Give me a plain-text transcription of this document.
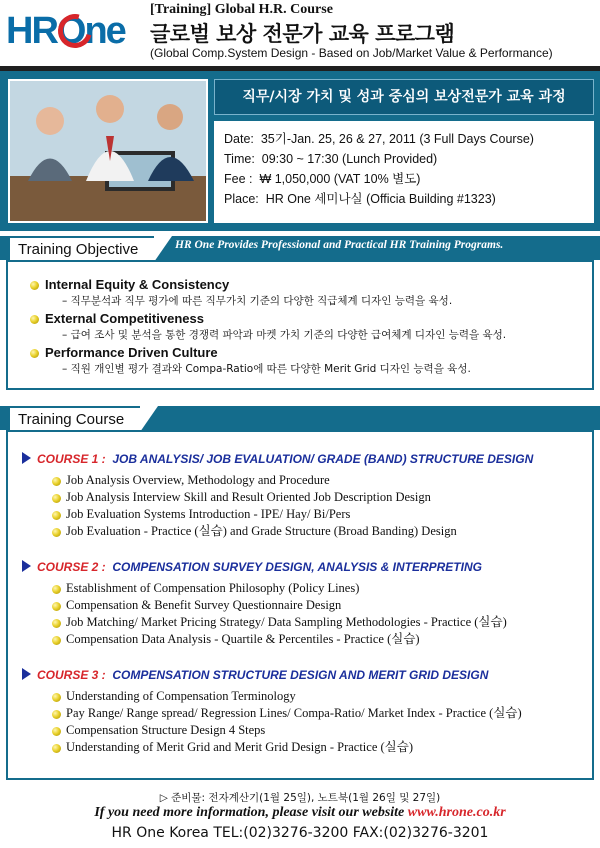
HROne
[Training] Global H.R. Course
글로벌 보상 전문가 교육 프로그램
(Global Comp.System Design - Based on Job/Market Value & Performance)
직무/시장 가치 및 성과 중심의 보상전문가 교육 과정
Date: 35기-Jan. 25, 26 & 27, 2011 (3 Full Days Course)
Time: 09:30 ~ 17:30 (Lunch Provided)
Fee : ₩ 1,050,000 (VAT 10% 별도)
Place: HR One 세미나실 (Officia Building #1323)
Training Objective	HR One Provides Professional and Practical HR Training Programs.
Internal Equity & Consistency
– 직무분석과 직무 평가에 따른 직무가치 기준의 다양한 직급체계 디자인 능력을 육성.
External Competitiveness
– 급여 조사 및 분석을 통한 경쟁력 파악과 마켓 가치 기준의 다양한 급여체계 디자인 능력을 육성.
Performance Driven Culture
– 직원 개인별 평가 결과와 Compa-Ratio에 따른 다양한 Merit Grid 디자인 능력을 육성.
Training Course
COURSE 1 : JOB ANALYSIS/ JOB EVALUATION/ GRADE (BAND) STRUCTURE DESIGN
Job Analysis Overview, Methodology and Procedure
Job Analysis Interview Skill and Result Oriented Job Description Design
Job Evaluation Systems Introduction - IPE/ Hay/ Bi/Pers
Job Evaluation - Practice (실습) and Grade Structure (Broad Banding) Design
COURSE 2 : COMPENSATION SURVEY DESIGN, ANALYSIS & INTERPRETING
Establishment of Compensation Philosophy (Policy Lines)
Compensation & Benefit Survey Questionnaire Design
Job Matching/ Market Pricing Strategy/ Data Sampling Methodologies - Practice (실습)
Compensation Data Analysis - Quartile & Percentiles - Practice (실습)
COURSE 3 : COMPENSATION STRUCTURE DESIGN AND MERIT GRID DESIGN
Understanding of Compensation Terminology
Pay Range/ Range spread/ Regression Lines/ Compa-Ratio/ Market Index - Practice (실습)
Compensation Structure Design 4 Steps
Understanding of Merit Grid and Merit Grid Design - Practice (실습)
▷ 준비물: 전자계산기(1월 25일), 노트북(1월 26일 및 27일)
If you need more information, please visit our website www.hrone.co.kr
HR One Korea TEL:(02)3276-3200 FAX:(02)3276-3201
